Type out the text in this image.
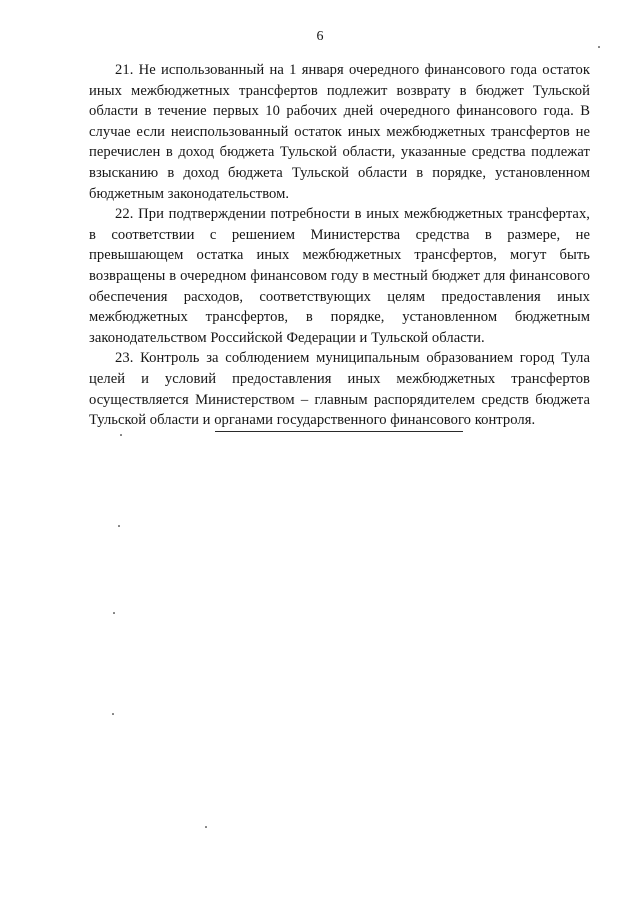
6

21. Не использованный на 1 января очередного финансового года остаток иных межбюджетных трансфертов подлежит возврату в бюджет Тульской области в течение первых 10 рабочих дней очередного финансового года. В случае если неиспользованный остаток иных межбюджетных трансфертов не перечислен в доход бюджета Тульской области, указанные средства подлежат взысканию в доход бюджета Тульской области в порядке, установленном бюджетным законодательством.

22. При подтверждении потребности в иных межбюджетных трансфертах, в соответствии с решением Министерства средства в размере, не превышающем остатка иных межбюджетных трансфертов, могут быть возвращены в очередном финансовом году в местный бюджет для финансового обеспечения расходов, соответствующих целям предоставления иных межбюджетных трансфертов, в порядке, установленном бюджетным законодательством Российской Федерации и Тульской области.

23. Контроль за соблюдением муниципальным образованием город Тула целей и условий предоставления иных межбюджетных трансфертов осуществляется Министерством – главным распорядителем средств бюджета Тульской области и органами государственного финансового контроля.
